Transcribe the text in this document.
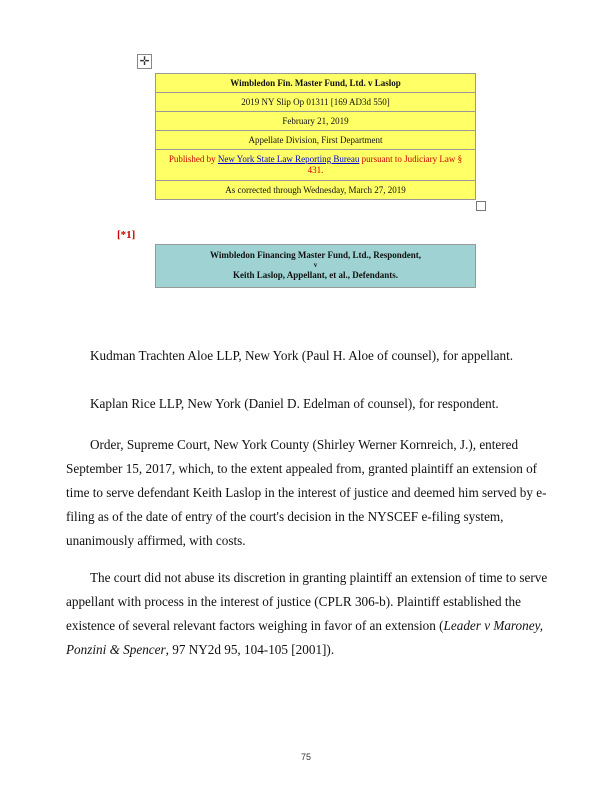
✛
Wimbledon Fin. Master Fund, Ltd. v Laslop
2019 NY Slip Op 01311 [169 AD3d 550]
February 21, 2019
Appellate Division, First Department
Published by New York State Law Reporting Bureau pursuant to Judiciary Law § 431.
As corrected through Wednesday, March 27, 2019
[*1]
Wimbledon Financing Master Fund, Ltd., Respondent,
v
Keith Laslop, Appellant, et al., Defendants.

Kudman Trachten Aloe LLP, New York (Paul H. Aloe of counsel), for appellant.

Kaplan Rice LLP, New York (Daniel D. Edelman of counsel), for respondent.

Order, Supreme Court, New York County (Shirley Werner Kornreich, J.), entered September 15, 2017, which, to the extent appealed from, granted plaintiff an extension of time to serve defendant Keith Laslop in the interest of justice and deemed him served by e-filing as of the date of entry of the court's decision in the NYSCEF e-filing system, unanimously affirmed, with costs.

The court did not abuse its discretion in granting plaintiff an extension of time to serve appellant with process in the interest of justice (CPLR 306-b). Plaintiff established the existence of several relevant factors weighing in favor of an extension (Leader v Maroney, Ponzini & Spencer, 97 NY2d 95, 104-105 [2001]).

75
